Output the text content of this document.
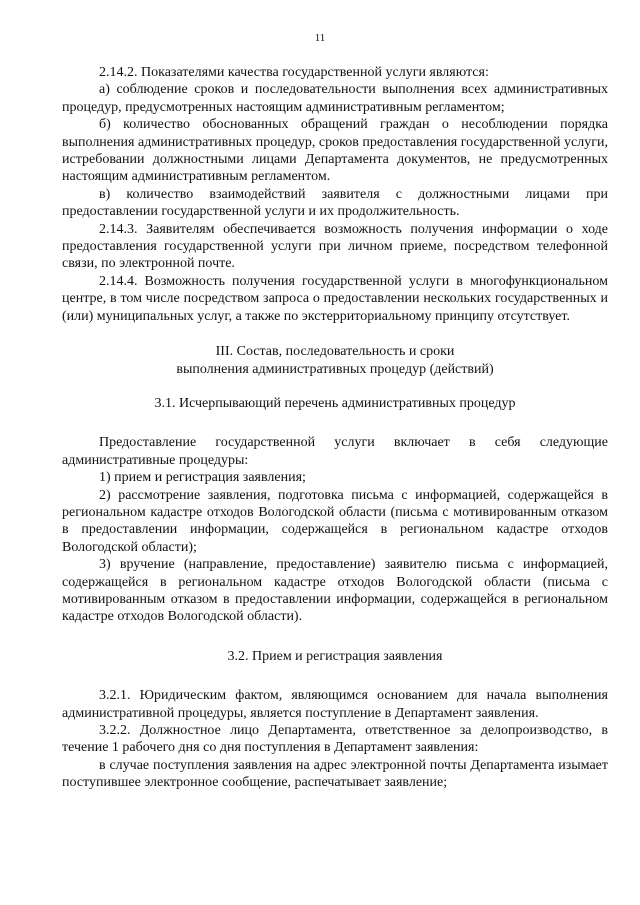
11

2.14.2. Показателями качества государственной услуги являются:

а) соблюдение сроков и последовательности выполнения всех административных процедур, предусмотренных настоящим административным регламентом;

б) количество обоснованных обращений граждан о несоблюдении порядка выполнения административных процедур, сроков предоставления государственной услуги, истребовании должностными лицами Департамента документов, не предусмотренных настоящим административным регламентом.

в) количество взаимодействий заявителя с должностными лицами при предоставлении государственной услуги и их продолжительность.

2.14.3. Заявителям обеспечивается возможность получения информации о ходе предоставления государственной услуги при личном приеме, посредством телефонной связи, по электронной почте.

2.14.4. Возможность получения государственной услуги в многофункциональном центре, в том числе посредством запроса о предоставлении нескольких государственных и (или) муниципальных услуг, а также по экстерриториальному принципу отсутствует.

III. Состав, последовательность и сроки

выполнения административных процедур (действий)

3.1. Исчерпывающий перечень административных процедур

Предоставление государственной услуги включает в себя следующие административные процедуры:

1) прием и регистрация заявления;

2) рассмотрение заявления, подготовка письма с информацией, содержащейся в региональном кадастре отходов Вологодской области (письма с мотивированным отказом в предоставлении информации, содержащейся в региональном кадастре отходов Вологодской области);

3) вручение (направление, предоставление) заявителю письма с информацией, содержащейся в региональном кадастре отходов Вологодской области (письма с мотивированным отказом в предоставлении информации, содержащейся в региональном кадастре отходов Вологодской области).

3.2. Прием и регистрация заявления

3.2.1. Юридическим фактом, являющимся основанием для начала выполнения административной процедуры, является поступление в Департамент заявления.

3.2.2. Должностное лицо Департамента, ответственное за делопроизводство, в течение 1 рабочего дня со дня поступления в Департамент заявления:

в случае поступления заявления на адрес электронной почты Департамента изымает поступившее электронное сообщение, распечатывает заявление;
